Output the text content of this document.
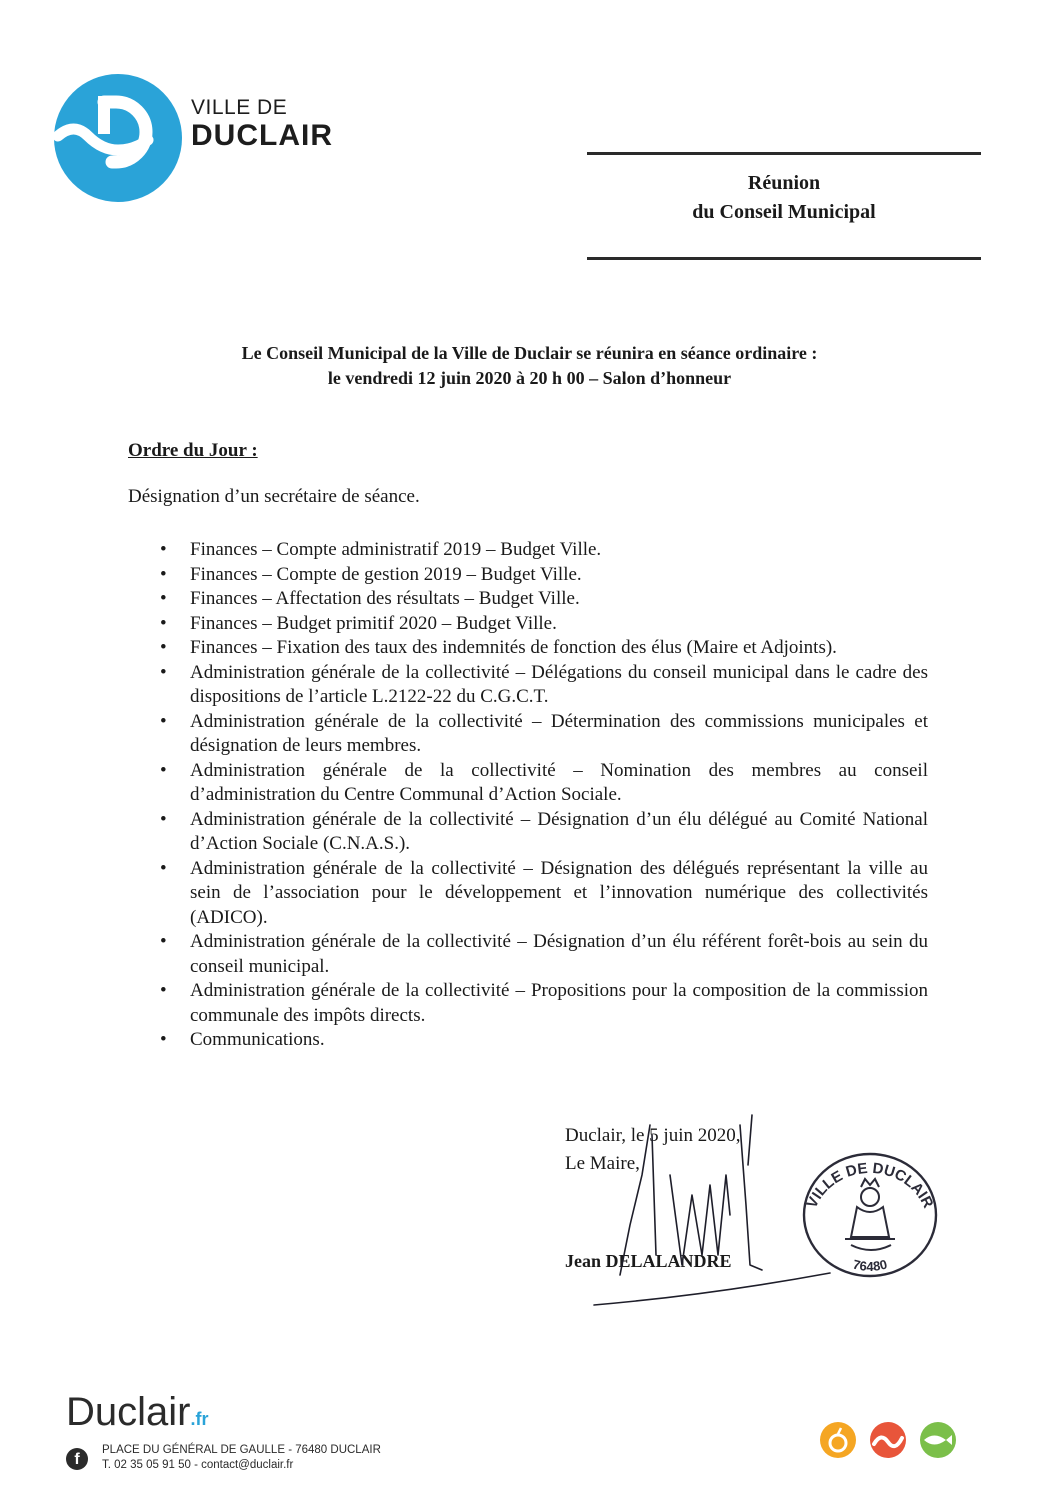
VILLE DE
DUCLAIR
Réunion
du Conseil Municipal
Le Conseil Municipal de la Ville de Duclair se réunira en séance ordinaire :
le vendredi 12 juin 2020 à 20 h 00 – Salon d’honneur
Ordre du Jour :
Désignation d’un secrétaire de séance.
• Finances – Compte administratif 2019 – Budget Ville.
• Finances – Compte de gestion 2019 – Budget Ville.
• Finances – Affectation des résultats – Budget Ville.
• Finances – Budget primitif 2020 – Budget Ville.
• Finances – Fixation des taux des indemnités de fonction des élus (Maire et Adjoints).
• Administration générale de la collectivité – Délégations du conseil municipal dans le cadre des dispositions de l’article L.2122-22 du C.G.C.T.
• Administration générale de la collectivité – Détermination des commissions municipales et désignation de leurs membres.
• Administration générale de la collectivité – Nomination des membres au conseil d’administration du Centre Communal d’Action Sociale.
• Administration générale de la collectivité – Désignation d’un élu délégué au Comité National d’Action Sociale (C.N.A.S.).
• Administration générale de la collectivité – Désignation des délégués représentant la ville au sein de l’association pour le développement et l’innovation numérique des collectivités (ADICO).
• Administration générale de la collectivité – Désignation d’un élu référent forêt-bois au sein du conseil municipal.
• Administration générale de la collectivité – Propositions pour la composition de la commission communale des impôts directs.
• Communications.
Duclair, le 5 juin 2020,
Le Maire,
Jean DELALANDRE
VILLE DE DUCLAIR
76480
Duclair.fr
f
PLACE DU GÉNÉRAL DE GAULLE - 76480 DUCLAIR
T. 02 35 05 91 50 - contact@duclair.fr
